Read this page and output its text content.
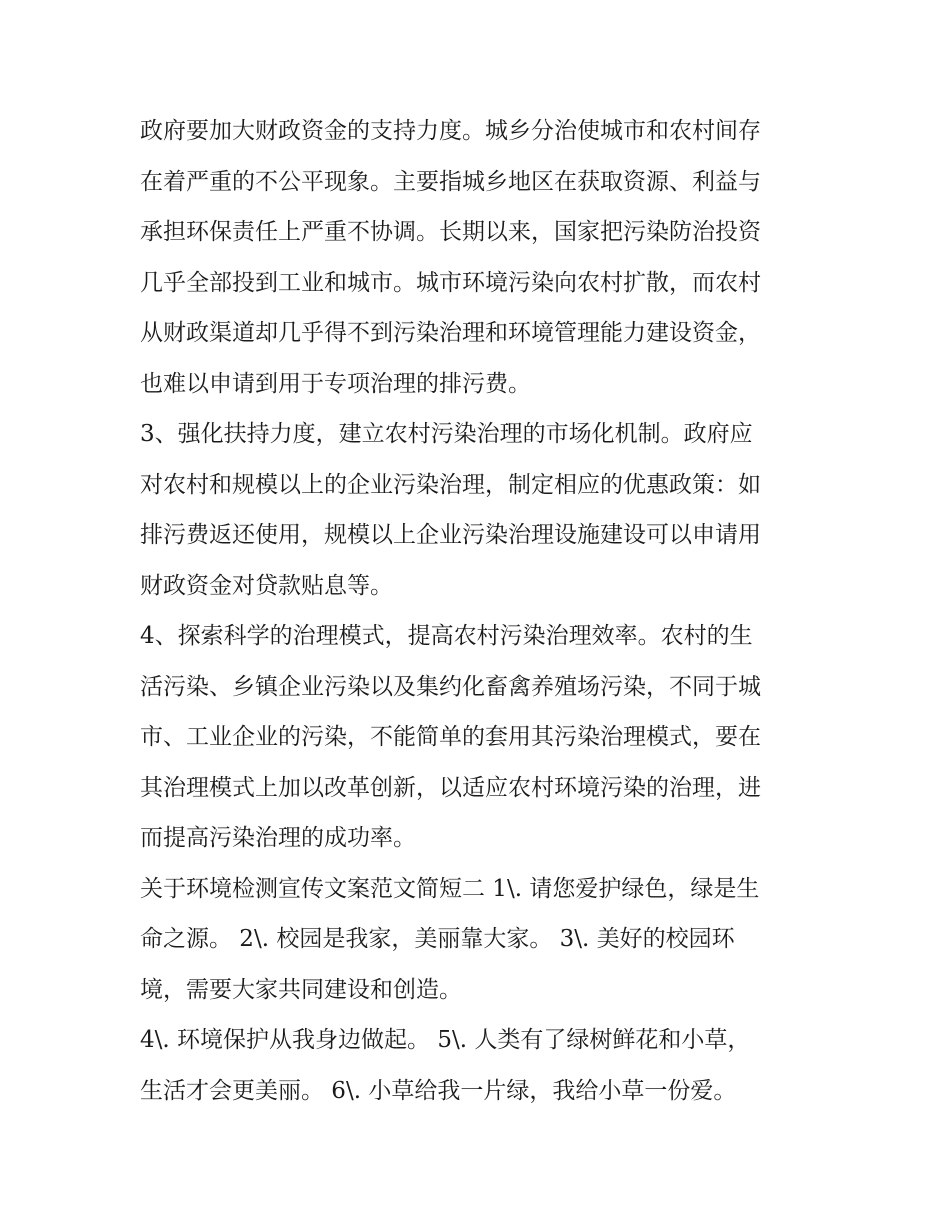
政府要加大财政资金的支持力度。城乡分治使城市和农村间存
在着严重的不公平现象。主要指城乡地区在获取资源、利益与
承担环保责任上严重不协调。长期以来，国家把污染防治投资
几乎全部投到工业和城市。城市环境污染向农村扩散，而农村
从财政渠道却几乎得不到污染治理和环境管理能力建设资金，
也难以申请到用于专项治理的排污费。
3、强化扶持力度，建立农村污染治理的市场化机制。政府应
对农村和规模以上的企业污染治理，制定相应的优惠政策：如
排污费返还使用，规模以上企业污染治理设施建设可以申请用
财政资金对贷款贴息等。
4、探索科学的治理模式，提高农村污染治理效率。农村的生
活污染、乡镇企业污染以及集约化畜禽养殖场污染，不同于城
市、工业企业的污染，不能简单的套用其污染治理模式，要在
其治理模式上加以改革创新，以适应农村环境污染的治理，进
而提高污染治理的成功率。
关于环境检测宣传文案范文简短二 1\. 请您爱护绿色，绿是生
命之源。 2\. 校园是我家，美丽靠大家。 3\. 美好的校园环
境，需要大家共同建设和创造。
4\. 环境保护从我身边做起。 5\. 人类有了绿树鲜花和小草，
生活才会更美丽。 6\. 小草给我一片绿，我给小草一份爱。
